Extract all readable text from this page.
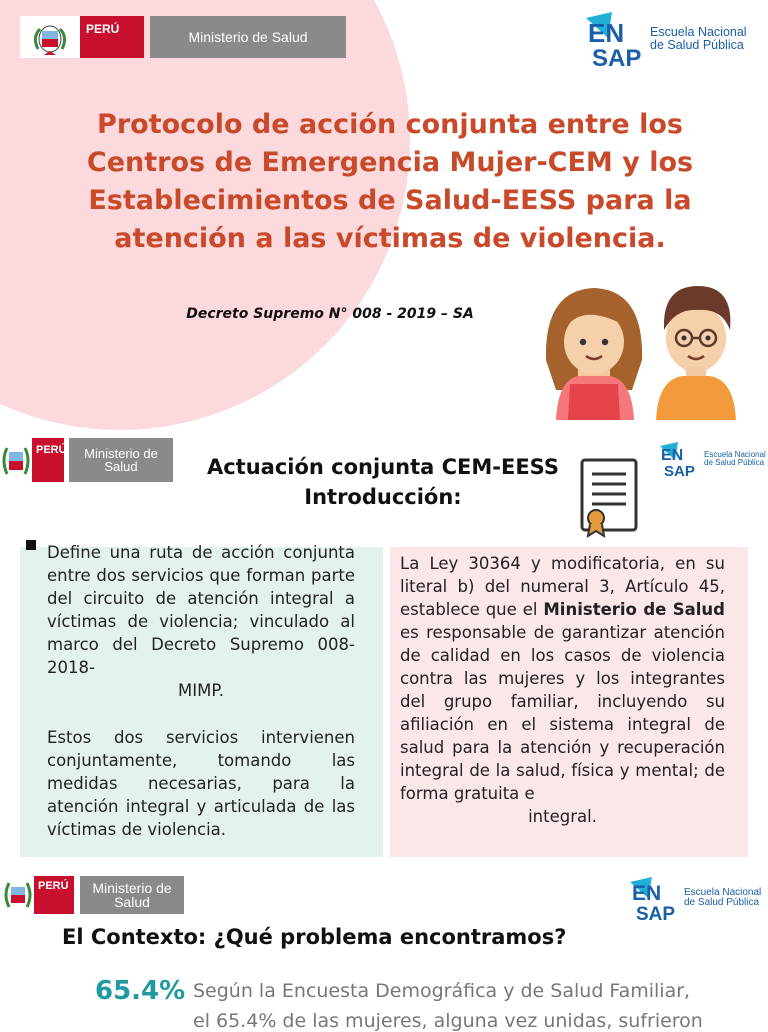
PERÚ	Ministerio de Salud	EN
SAP
Escuela Nacional
de Salud Pública
Protocolo de acción conjunta entre los Centros de Emergencia Mujer-CEM y los Establecimientos de Salud-EESS para la atención a las víctimas de violencia.
Decreto Supremo N° 008 - 2019 – SA
PERÚ	Ministerio de Salud
EN
SAP
Escuela Nacional
de Salud Pública
Actuación conjunta CEM-EESS
Introducción:
Define una ruta de acción conjunta entre dos servicios que forman parte del circuito de atención integral a víctimas de violencia; vinculado al marco del Decreto Supremo 008-2018-
MIMP.
Estos dos servicios intervienen conjuntamente, tomando las medidas necesarias, para la atención integral y articulada de las víctimas de violencia.
La Ley 30364 y modificatoria, en su literal b) del numeral 3, Artículo 45, establece que el Ministerio de Salud es responsable de garantizar atención de calidad en los casos de violencia contra las mujeres y los integrantes del grupo familiar, incluyendo su afiliación en el sistema integral de salud para la atención y recuperación integral de la salud, física y mental; de forma gratuita e
integral.
PERÚ	Ministerio de Salud	EN
SAP
Escuela Nacional
de Salud Pública
El Contexto: ¿Qué problema encontramos?
65.4% Según la Encuesta Demográfica y de Salud Familiar,
el 65.4% de las mujeres, alguna vez unidas, sufrieron
